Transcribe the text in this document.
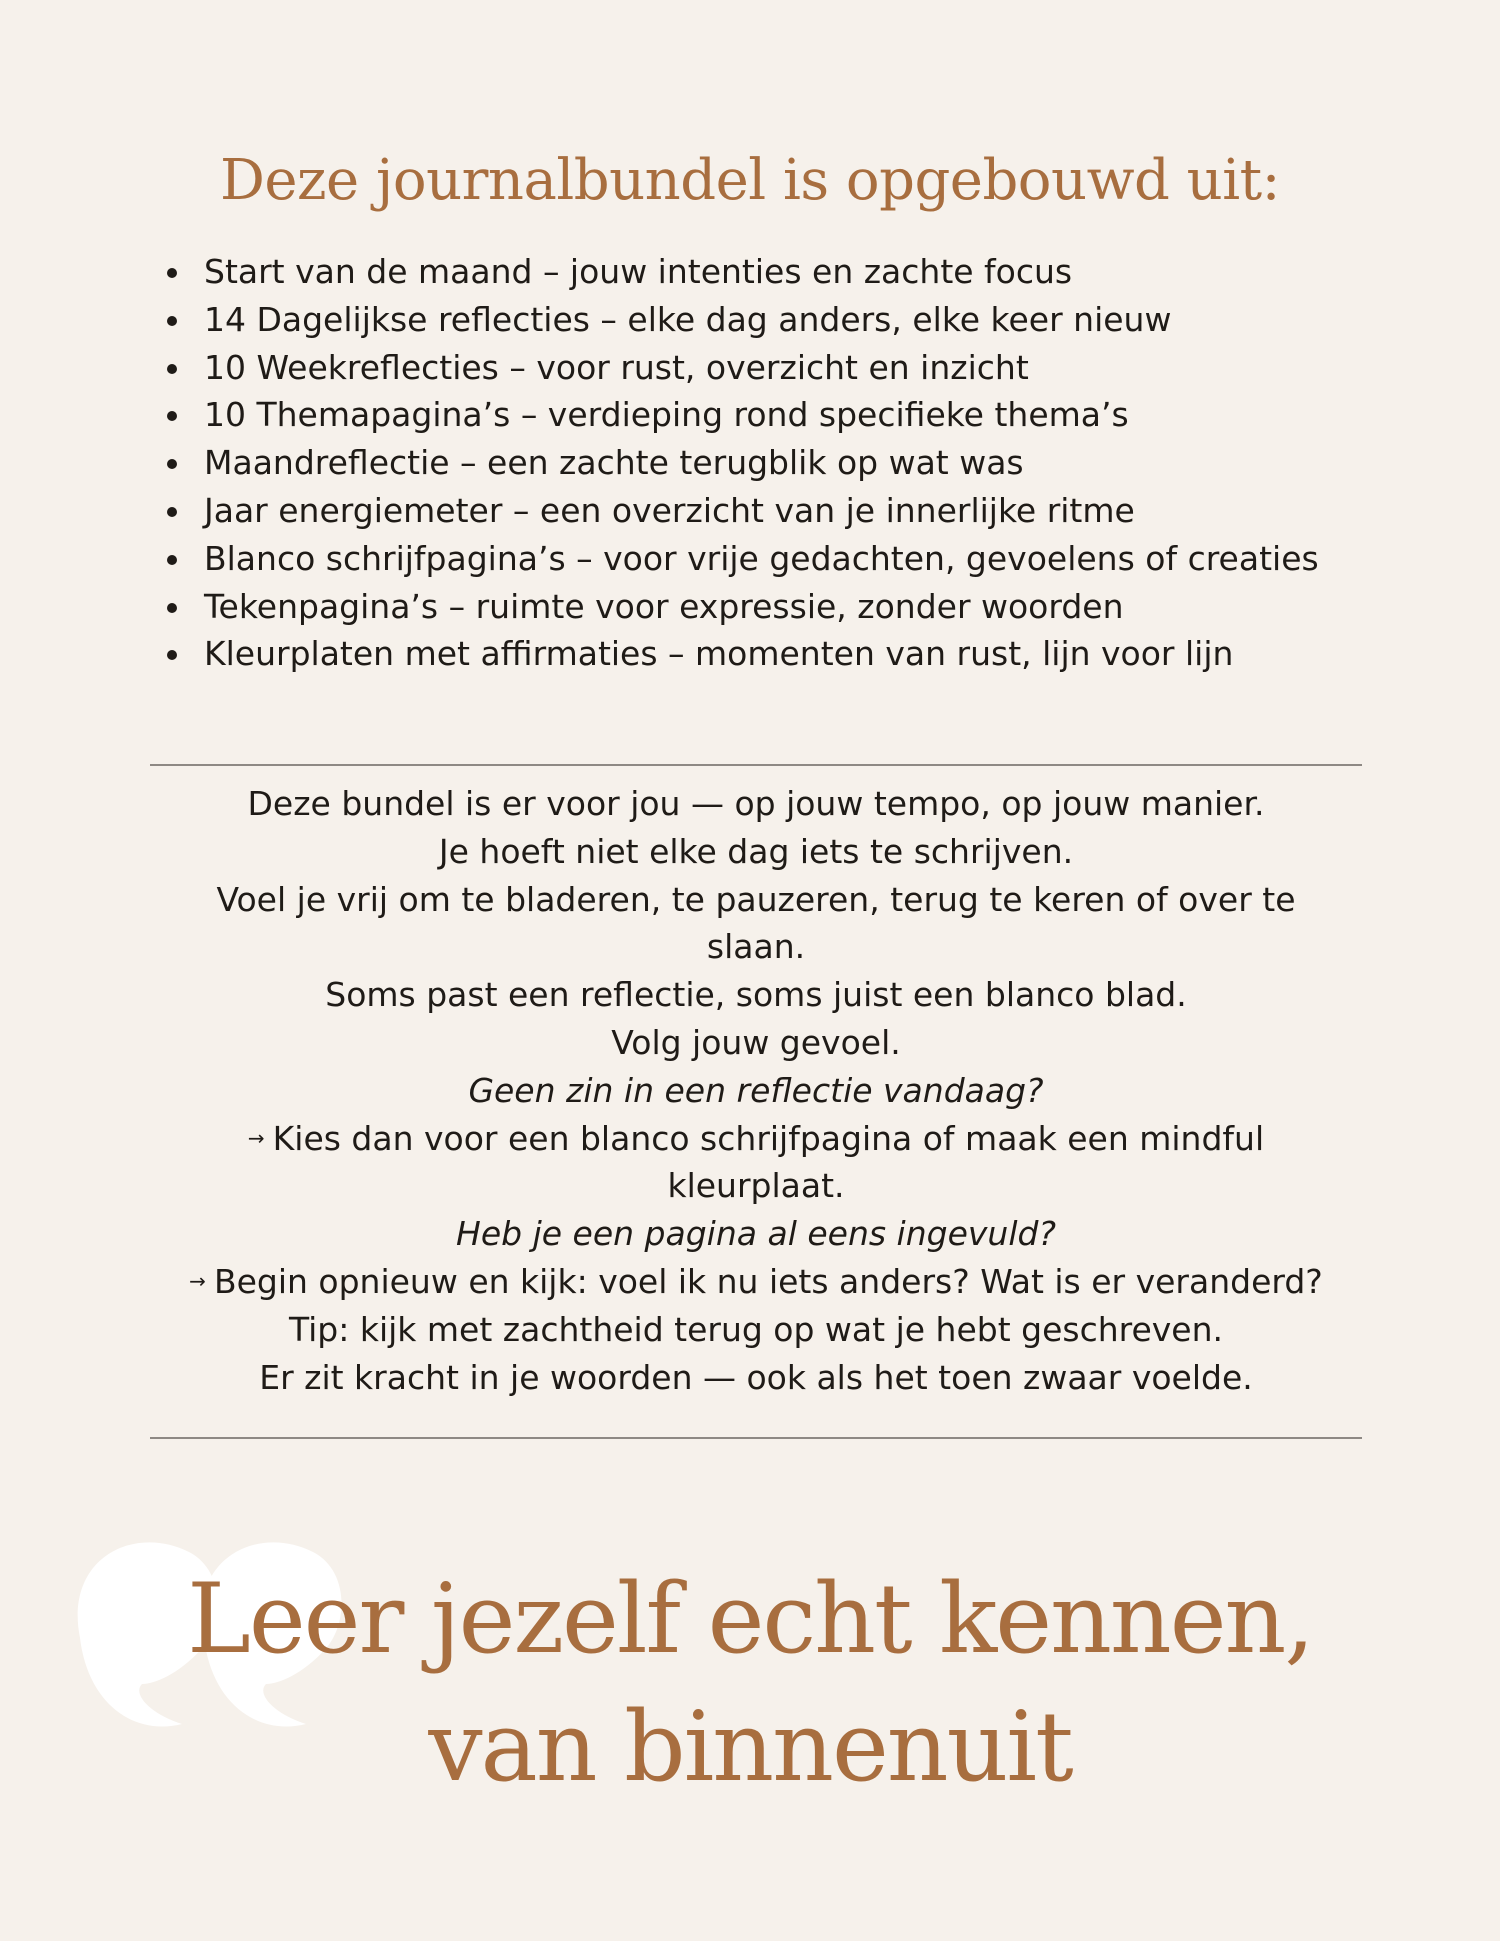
Deze journalbundel is opgebouwd uit:
Start van de maand – jouw intenties en zachte focus
14 Dagelijkse reflecties – elke dag anders, elke keer nieuw
10 Weekreflecties – voor rust, overzicht en inzicht
10 Themapagina’s – verdieping rond specifieke thema’s
Maandreflectie – een zachte terugblik op wat was
Jaar energiemeter – een overzicht van je innerlijke ritme
Blanco schrijfpagina’s – voor vrije gedachten, gevoelens of creaties
Tekenpagina’s – ruimte voor expressie, zonder woorden
Kleurplaten met affirmaties – momenten van rust, lijn voor lijn

Deze bundel is er voor jou — op jouw tempo, op jouw manier.

Je hoeft niet elke dag iets te schrijven.

Voel je vrij om te bladeren, te pauzeren, terug te keren of over te

slaan.

Soms past een reflectie, soms juist een blanco blad.

Volg jouw gevoel.

Geen zin in een reflectie vandaag?

→ Kies dan voor een blanco schrijfpagina of maak een mindful

kleurplaat.

Heb je een pagina al eens ingevuld?

→ Begin opnieuw en kijk: voel ik nu iets anders? Wat is er veranderd?

Tip: kijk met zachtheid terug op wat je hebt geschreven.

Er zit kracht in je woorden — ook als het toen zwaar voelde.

Leer jezelf echt kennen,
van binnenuit
